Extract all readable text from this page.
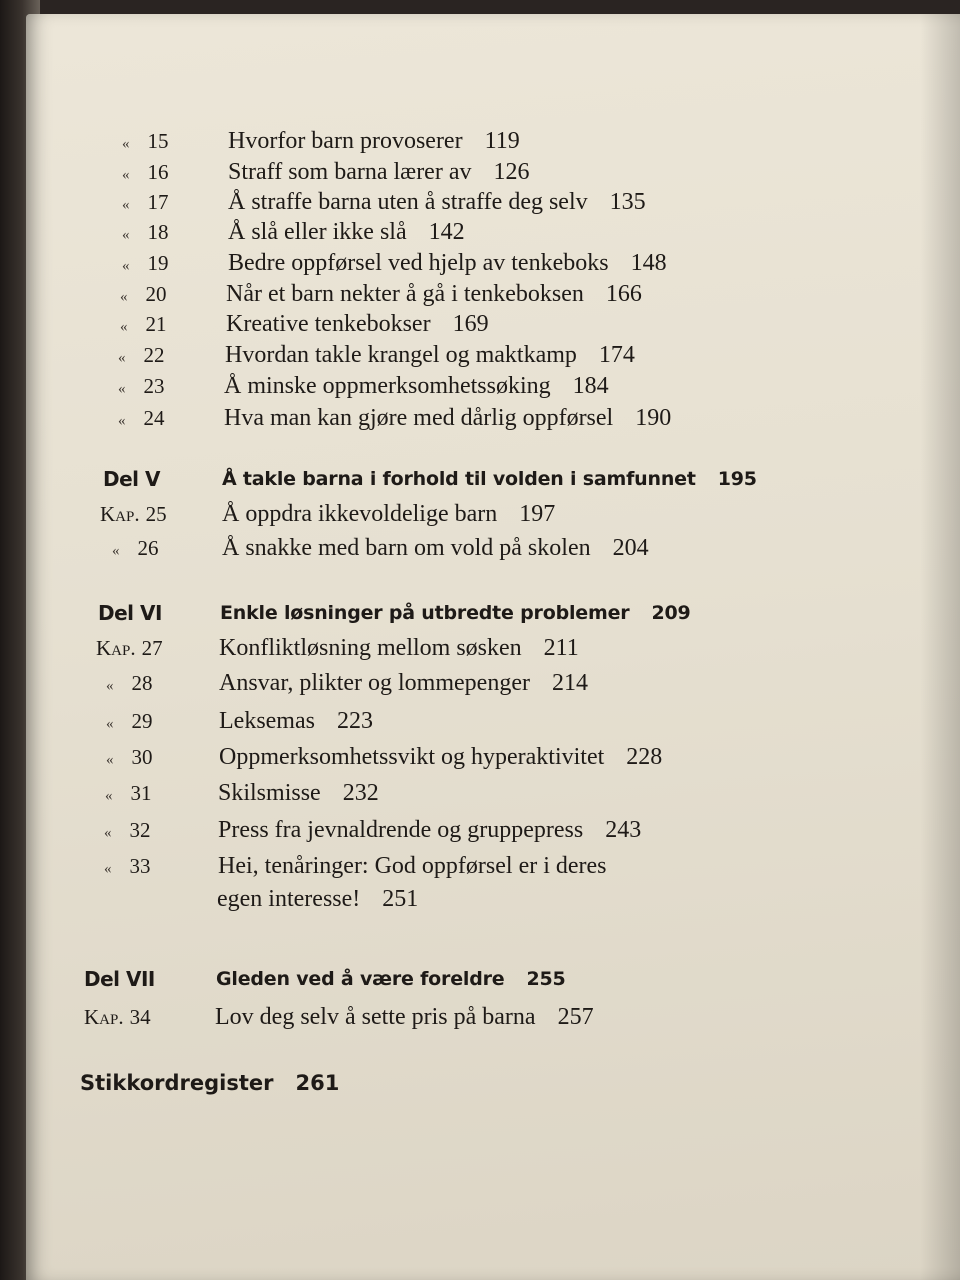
« 15 Hvorfor barn provoserer 119
« 16 Straff som barna lærer av 126
« 17 Å straffe barna uten å straffe deg selv 135
« 18 Å slå eller ikke slå 142
« 19 Bedre oppførsel ved hjelp av tenkeboks 148
« 20 Når et barn nekter å gå i tenkeboksen 166
« 21 Kreative tenkebokser 169
« 22	Hvordan takle krangel og maktkamp 174
« 23 Å minske oppmerksomhetssøking 184
« 24 Hva man kan gjøre med dårlig oppførsel 190
Del V	Å takle barna i forhold til volden i samfunnet 195
Kap. 25 Å oppdra ikkevoldelige barn 197
« 26	Å snakke med barn om vold på skolen 204
Del VI	Enkle løsninger på utbredte problemer 209
Kap. 27 Konfliktløsning mellom søsken 211
« 28	Ansvar, plikter og lommepenger 214
« 29	Leksemas 223
« 30	Oppmerksomhetssvikt og hyperaktivitet 228
« 31	Skilsmisse 232
« 32	Press fra jevnaldrende og gruppepress 243
« 33	Hei, tenåringer: God oppførsel er i deres
egen interesse! 251
Del VII	Gleden ved å være foreldre 255
Kap. 34	Lov deg selv å sette pris på barna 257
Stikkordregister 261
